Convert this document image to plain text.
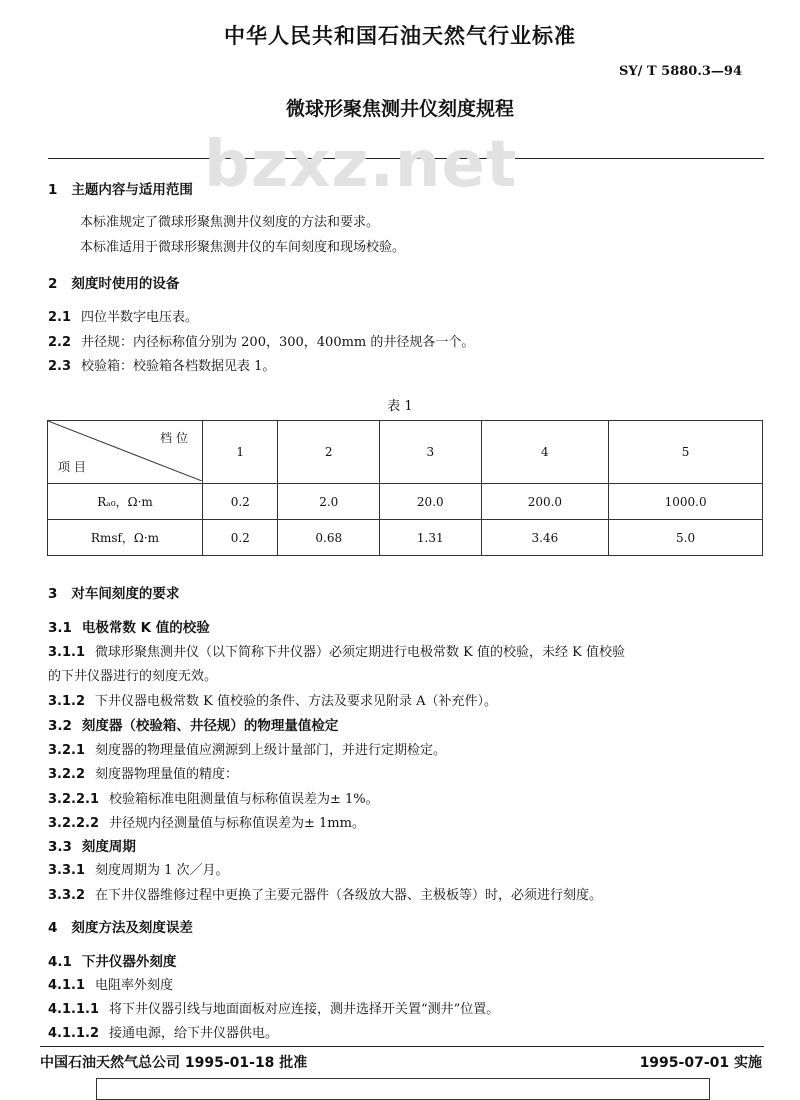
中华人民共和国石油天然气行业标准
SY/ T 5880.3—94
微球形聚焦测井仪刻度规程
bzxz.net
1 主题内容与适用范围
本标准规定了微球形聚焦测井仪刻度的方法和要求。
本标准适用于微球形聚焦测井仪的车间刻度和现场校验。
2 刻度时使用的设备
2.1 四位半数字电压表。
2.2 井径规：内径标称值分别为 200，300，400mm 的井径规各一个。
2.3 校验箱：校验箱各档数据见表 1。
表 1
档 位
项 目	1	2	3	4	5
Rₐ₀，Ω·m	0.2	2.0	20.0	200.0	1000.0
Rmsf，Ω·m	0.2	0.68	1.31	3.46	5.0
3 对车间刻度的要求
3.1 电极常数 K 值的校验
3.1.1 微球形聚焦测井仪（以下简称下井仪器）必须定期进行电极常数 K 值的校验，未经 K 值校验
的下井仪器进行的刻度无效。
3.1.2 下井仪器电极常数 K 值校验的条件、方法及要求见附录 A（补充件）。
3.2 刻度器（校验箱、井径规）的物理量值检定
3.2.1 刻度器的物理量值应溯源到上级计量部门，并进行定期检定。
3.2.2 刻度器物理量值的精度：
3.2.2.1 校验箱标准电阻测量值与标称值误差为± 1%。
3.2.2.2 井径规内径测量值与标称值误差为± 1mm。
3.3 刻度周期
3.3.1 刻度周期为 1 次／月。
3.3.2 在下井仪器维修过程中更换了主要元器件（各级放大器、主极板等）时，必须进行刻度。
4 刻度方法及刻度误差
4.1 下井仪器外刻度
4.1.1 电阻率外刻度
4.1.1.1 将下井仪器引线与地面面板对应连接，测井选择开关置“测井”位置。
4.1.1.2 接通电源，给下井仪器供电。
中国石油天然气总公司 1995-01-18 批准	1995-07-01 实施
